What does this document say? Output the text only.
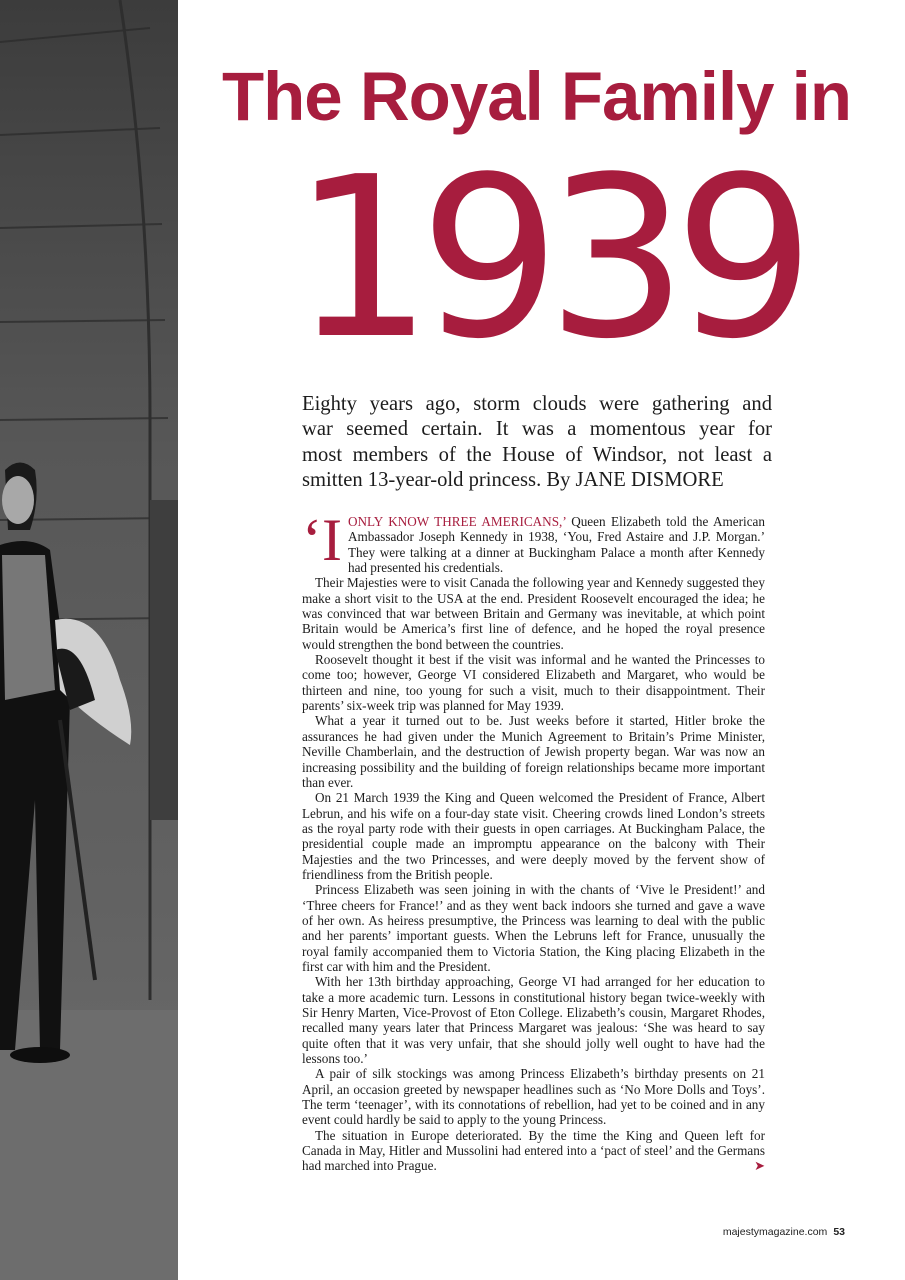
The Royal Family in
1939
Eighty years ago, storm clouds were gathering and
war seemed certain. It was a momentous year for
most members of the House of Windsor, not least a
smitten 13-year-old princess. By JANE DISMORE

‘IONLY KNOW THREE AMERICANS,’ Queen Elizabeth told the American Ambassador Joseph Kennedy in 1938, ‘You, Fred Astaire and J.P. Morgan.’ They were talking at a dinner at Buckingham Palace a month after Kennedy had presented his credentials.

Their Majesties were to visit Canada the following year and Kennedy suggested they make a short visit to the USA at the end. President Roosevelt encouraged the idea; he was convinced that war between Britain and Germany was inevitable, at which point Britain would be America’s first line of defence, and he hoped the royal presence would strengthen the bond between the countries.

Roosevelt thought it best if the visit was informal and he wanted the Princesses to come too; however, George VI considered Elizabeth and Margaret, who would be thirteen and nine, too young for such a visit, much to their disappointment. Their parents’ six-week trip was planned for May 1939.

What a year it turned out to be. Just weeks before it started, Hitler broke the assurances he had given under the Munich Agreement to Britain’s Prime Minister, Neville Chamberlain, and the destruction of Jewish property began. War was now an increasing possibility and the building of foreign relationships became more important than ever.

On 21 March 1939 the King and Queen welcomed the President of France, Albert Lebrun, and his wife on a four-day state visit. Cheering crowds lined London’s streets as the royal party rode with their guests in open carriages. At Buckingham Palace, the presidential couple made an impromptu appearance on the balcony with Their Majesties and the two Princesses, and were deeply moved by the fervent show of friendliness from the British people.

Princess Elizabeth was seen joining in with the chants of ‘Vive le President!’ and ‘Three cheers for France!’ and as they went back indoors she turned and gave a wave of her own. As heiress presumptive, the Princess was learning to deal with the public and her parents’ important guests. When the Lebruns left for France, unusually the royal family accompanied them to Victoria Station, the King placing Elizabeth in the first car with him and the President.

With her 13th birthday approaching, George VI had arranged for her education to take a more academic turn. Lessons in constitutional history began twice-weekly with Sir Henry Marten, Vice-Provost of Eton College. Elizabeth’s cousin, Margaret Rhodes, recalled many years later that Princess Margaret was jealous: ‘She was heard to say quite often that it was very unfair, that she should jolly well ought to have had the lessons too.’

A pair of silk stockings was among Princess Elizabeth’s birthday presents on 21 April, an occasion greeted by newspaper headlines such as ‘No More Dolls and Toys’. The term ‘teenager’, with its connotations of rebellion, had yet to be coined and in any event could hardly be said to apply to the young Princess.

The situation in Europe deteriorated. By the time the King and Queen left for Canada in May, Hitler and Mussolini had entered into a ‘pact of steel’ and the Germans had marched into Prague.	➤

majestymagazine.com 53
